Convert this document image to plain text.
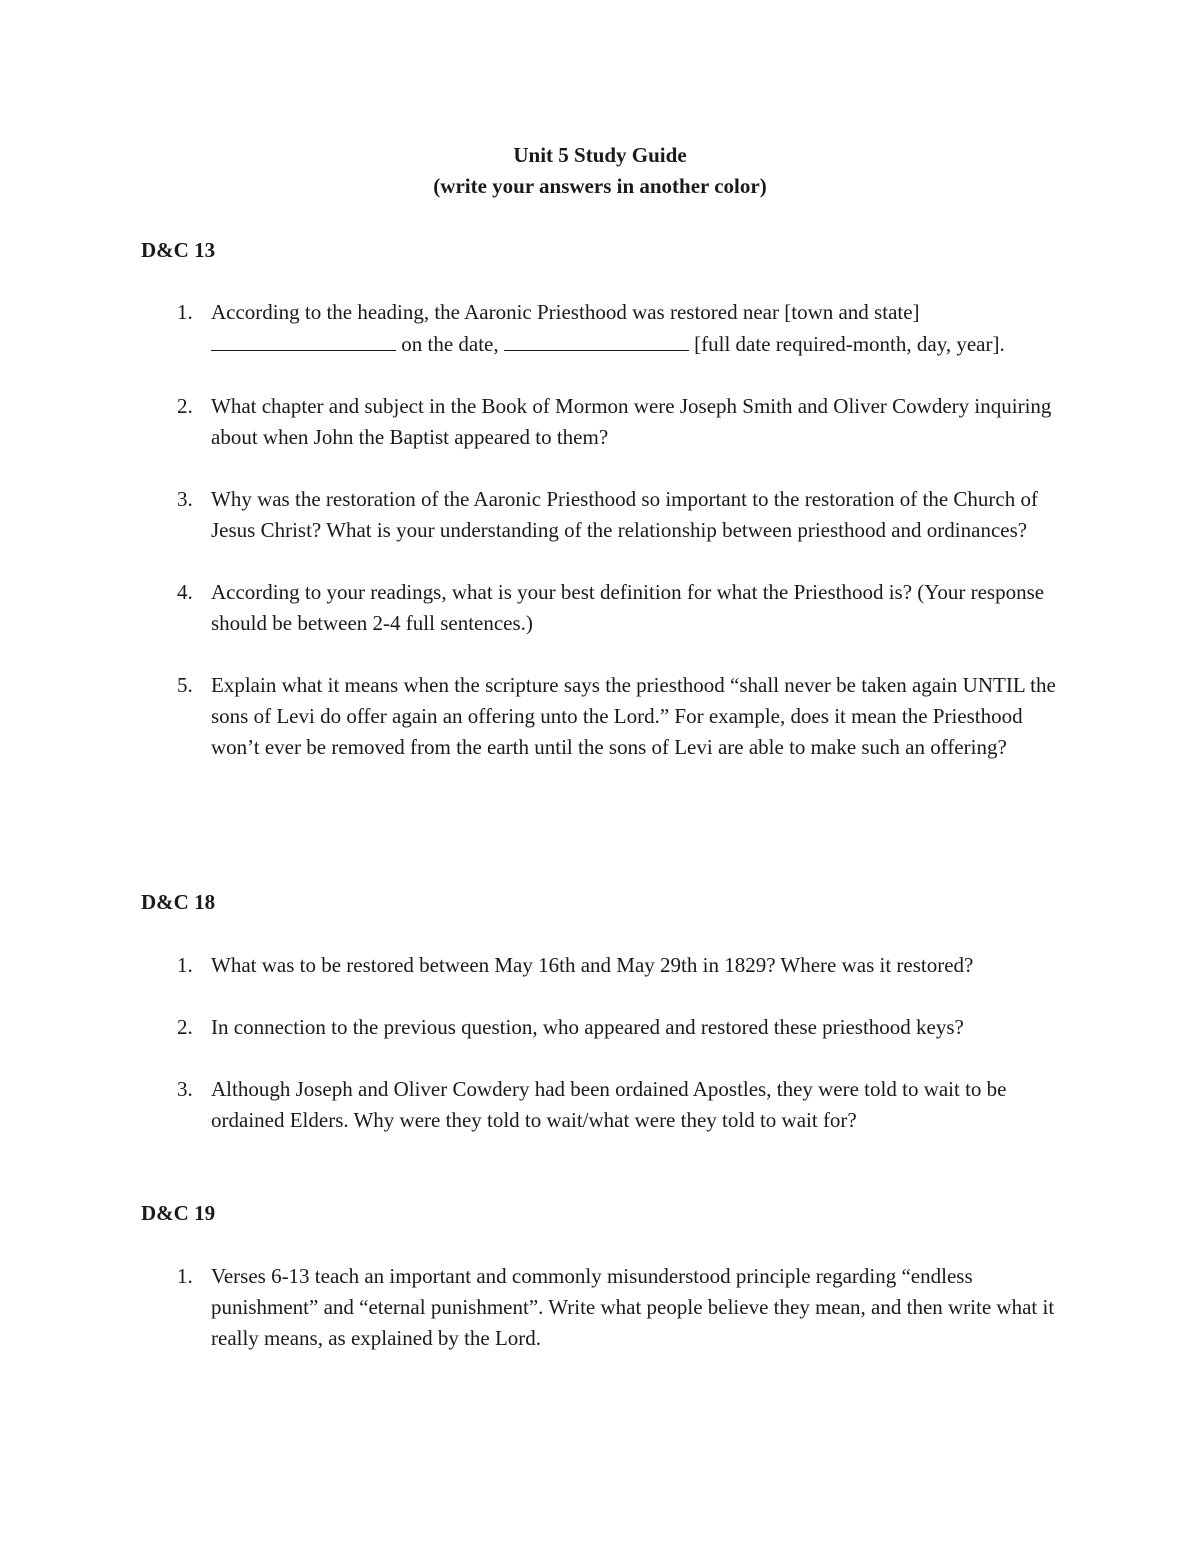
Unit 5 Study Guide
(write your answers in another color)
D&C 13
1. According to the heading, the Aaronic Priesthood was restored near [town and state]  on the date,	[full date required-month, day, year].
2. What chapter and subject in the Book of Mormon were Joseph Smith and Oliver Cowdery inquiring about when John the Baptist appeared to them?
3. Why was the restoration of the Aaronic Priesthood so important to the restoration of the Church of Jesus Christ? What is your understanding of the relationship between priesthood and ordinances?
4. According to your readings, what is your best definition for what the Priesthood is? (Your response should be between 2-4 full sentences.)
5. Explain what it means when the scripture says the priesthood “shall never be taken again UNTIL the sons of Levi do offer again an offering unto the Lord.” For example, does it mean the Priesthood won’t ever be removed from the earth until the sons of Levi are able to make such an offering?
D&C 18
1. What was to be restored between May 16th and May 29th in 1829? Where was it restored?
2. In connection to the previous question, who appeared and restored these priesthood keys?
3. Although Joseph and Oliver Cowdery had been ordained Apostles, they were told to wait to be ordained Elders. Why were they told to wait/what were they told to wait for?
D&C 19
1. Verses 6-13 teach an important and commonly misunderstood principle regarding “endless punishment” and “eternal punishment”. Write what people believe they mean, and then write what it really means, as explained by the Lord.
